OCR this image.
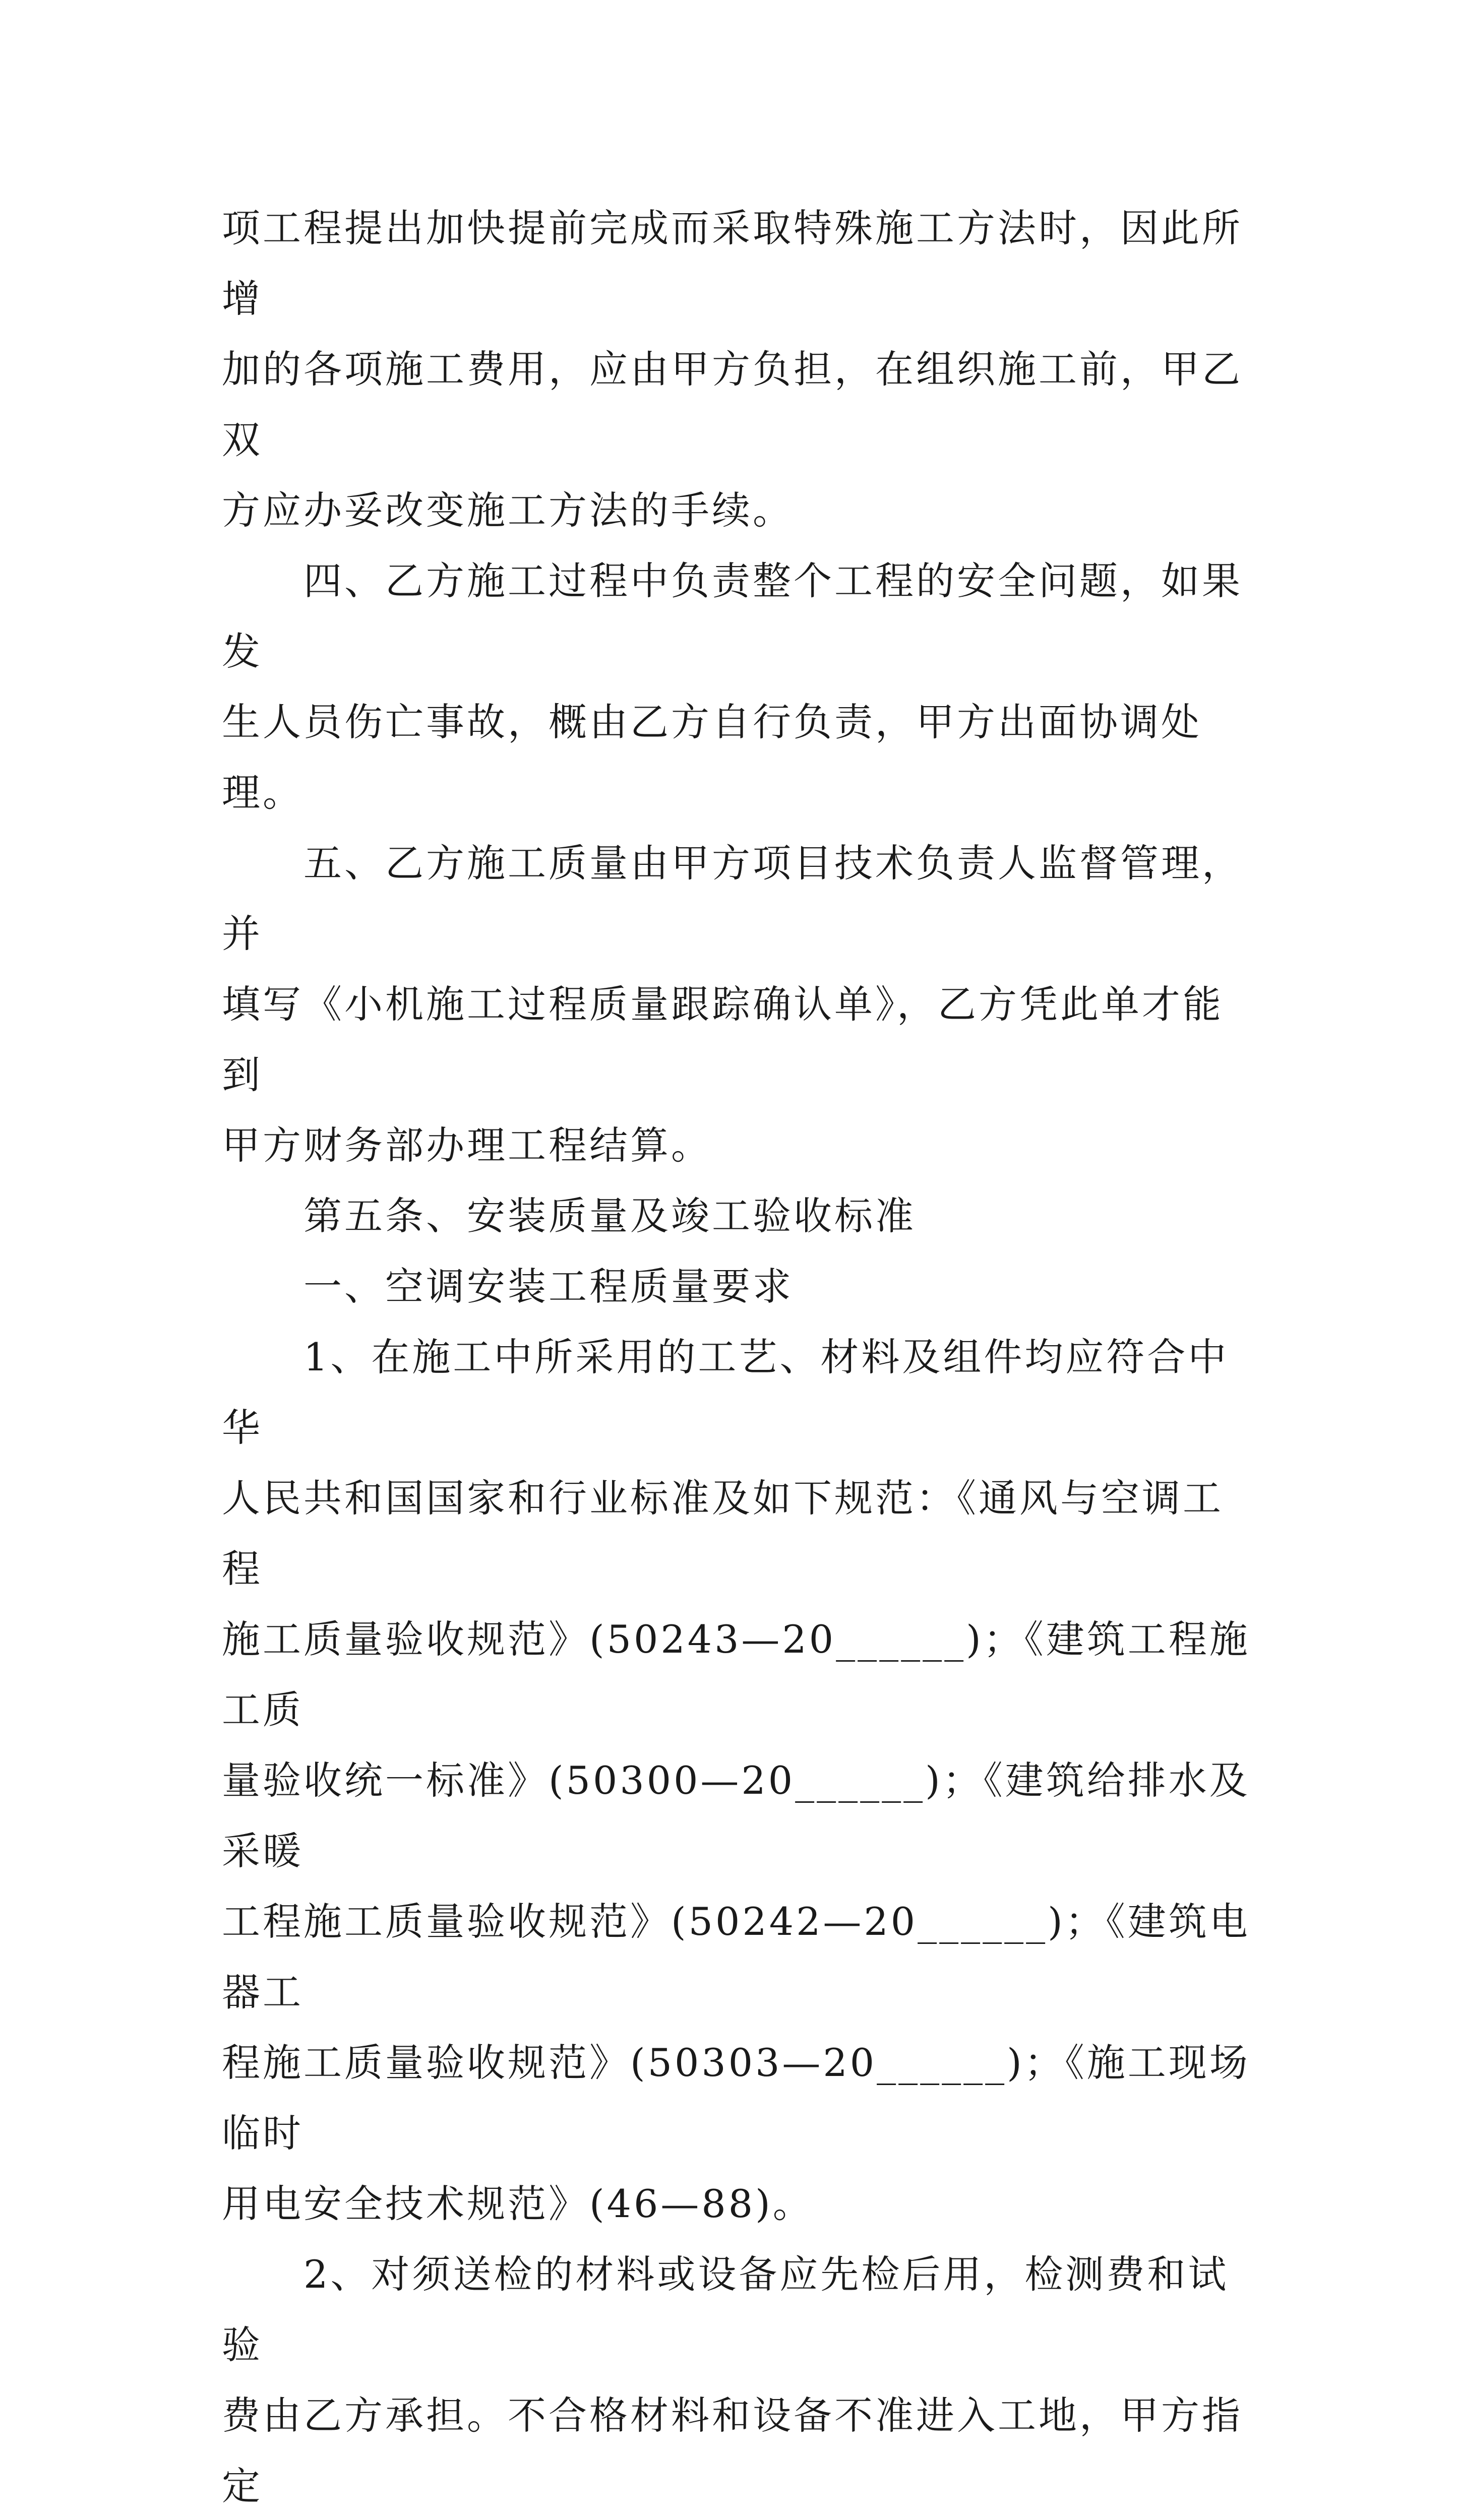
项工程提出加快提前完成而采取特殊施工方法时，因此所增
加的各项施工费用，应由甲方负担，在组织施工前，甲乙双
方应办妥改变施工方法的手续。

　　四、乙方施工过程中负责整个工程的安全问题，如果发
生人员伤亡事故，概由乙方自行负责，甲方出面协调处理。

　　五、乙方施工质量由甲方项目技术负责人监督管理，并
填写《小机施工过程质量跟踪确认单》，乙方凭此单才能到
甲方财务部办理工程结算。

　　第五条、安装质量及竣工验收标准

　　一、空调安装工程质量要求

　　1、在施工中所采用的工艺、材料及组件均应符合中华
人民共和国国家和行业标准及如下规范：《通风与空调工程
施工质量验收规范》(50243—20______)；《建筑工程施工质
量验收统一标准》(50300—20______)；《建筑给排水及采暖
工程施工质量验收规范》(50242—20______)；《建筑电器工
程施工质量验收规范》(50303—20______)；《施工现场临时
用电安全技术规范》(46—88)。

　　2、对须送检的材料或设备应先检后用，检测费和试验
费由乙方承担。不合格材料和设备不准进入工地，甲方指定
